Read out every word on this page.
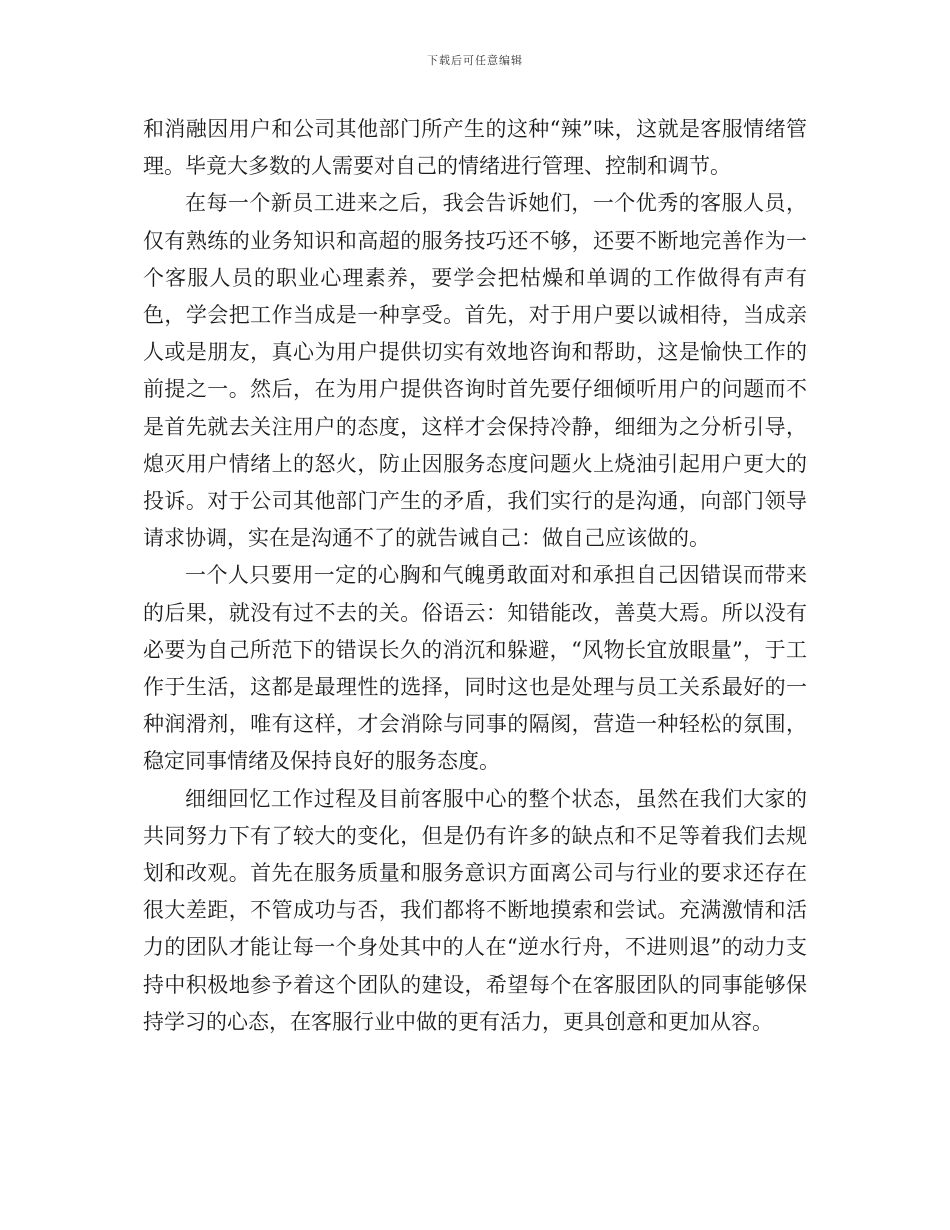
下载后可任意编辑

和消融因用户和公司其他部门所产生的这种“辣”味，这就是客服情绪管理。毕竟大多数的人需要对自己的情绪进行管理、控制和调节。

在每一个新员工进来之后，我会告诉她们，一个优秀的客服人员，仅有熟练的业务知识和高超的服务技巧还不够，还要不断地完善作为一个客服人员的职业心理素养，要学会把枯燥和单调的工作做得有声有色，学会把工作当成是一种享受。首先，对于用户要以诚相待，当成亲人或是朋友，真心为用户提供切实有效地咨询和帮助，这是愉快工作的前提之一。然后，在为用户提供咨询时首先要仔细倾听用户的问题而不是首先就去关注用户的态度，这样才会保持冷静，细细为之分析引导，熄灭用户情绪上的怒火，防止因服务态度问题火上烧油引起用户更大的投诉。对于公司其他部门产生的矛盾，我们实行的是沟通，向部门领导请求协调，实在是沟通不了的就告诫自己：做自己应该做的。

一个人只要用一定的心胸和气魄勇敢面对和承担自己因错误而带来的后果，就没有过不去的关。俗语云：知错能改，善莫大焉。所以没有必要为自己所范下的错误长久的消沉和躲避，“风物长宜放眼量”，于工作于生活，这都是最理性的选择，同时这也是处理与员工关系最好的一种润滑剂，唯有这样，才会消除与同事的隔阂，营造一种轻松的氛围，稳定同事情绪及保持良好的服务态度。

细细回忆工作过程及目前客服中心的整个状态，虽然在我们大家的共同努力下有了较大的变化，但是仍有许多的缺点和不足等着我们去规划和改观。首先在服务质量和服务意识方面离公司与行业的要求还存在很大差距，不管成功与否，我们都将不断地摸索和尝试。充满激情和活力的团队才能让每一个身处其中的人在“逆水行舟，不进则退”的动力支持中积极地参予着这个团队的建设，希望每个在客服团队的同事能够保持学习的心态，在客服行业中做的更有活力，更具创意和更加从容。
